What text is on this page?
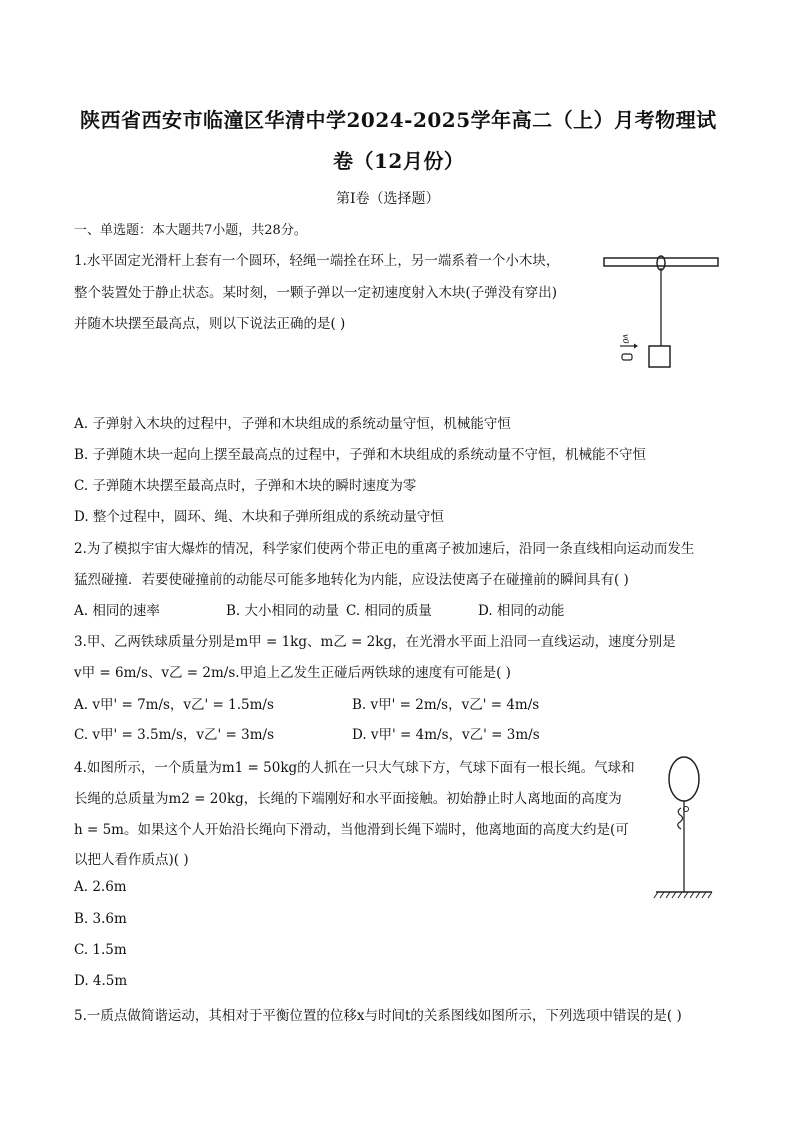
陕西省西安市临潼区华清中学2024-2025学年高二（上）月考物理试
卷（12月份）
第Ⅰ卷（选择题）
一、单选题：本大题共7小题，共28分。
1.水平固定光滑杆上套有一个圆环，轻绳一端拴在环上，另一端系着一个小木块，
整个装置处于静止状态。某时刻，一颗子弹以一定初速度射入木块(子弹没有穿出)
并随木块摆至最高点，则以下说法正确的是( )
v0
A. 子弹射入木块的过程中，子弹和木块组成的系统动量守恒，机械能守恒
B. 子弹随木块一起向上摆至最高点的过程中，子弹和木块组成的系统动量不守恒，机械能不守恒
C. 子弹随木块摆至最高点时，子弹和木块的瞬时速度为零
D. 整个过程中，圆环、绳、木块和子弹所组成的系统动量守恒
2.为了模拟宇宙大爆炸的情况，科学家们使两个带正电的重离子被加速后，沿同一条直线相向运动而发生
猛烈碰撞．若要使碰撞前的动能尽可能多地转化为内能，应设法使离子在碰撞前的瞬间具有( )
A. 相同的速率	B. 大小相同的动量 C. 相同的质量	D. 相同的动能
3.甲、乙两铁球质量分别是m甲 = 1kg、m乙 = 2kg，在光滑水平面上沿同一直线运动，速度分别是
v甲 = 6m/s、v乙 = 2m/s.甲追上乙发生正碰后两铁球的速度有可能是( )
A. v甲' = 7m/s，v乙' = 1.5m/s	B. v甲' = 2m/s，v乙' = 4m/s
C. v甲' = 3.5m/s，v乙' = 3m/s	D. v甲' = 4m/s，v乙' = 3m/s
4.如图所示，一个质量为m1 = 50kg的人抓在一只大气球下方，气球下面有一根长绳。气球和
长绳的总质量为m2 = 20kg，长绳的下端刚好和水平面接触。初始静止时人离地面的高度为
h = 5m。如果这个人开始沿长绳向下滑动，当他滑到长绳下端时，他离地面的高度大约是(可
以把人看作质点)( )
A. 2.6m
B. 3.6m
C. 1.5m
D. 4.5m
5.一质点做简谐运动，其相对于平衡位置的位移x与时间t的关系图线如图所示，下列选项中错误的是( )
